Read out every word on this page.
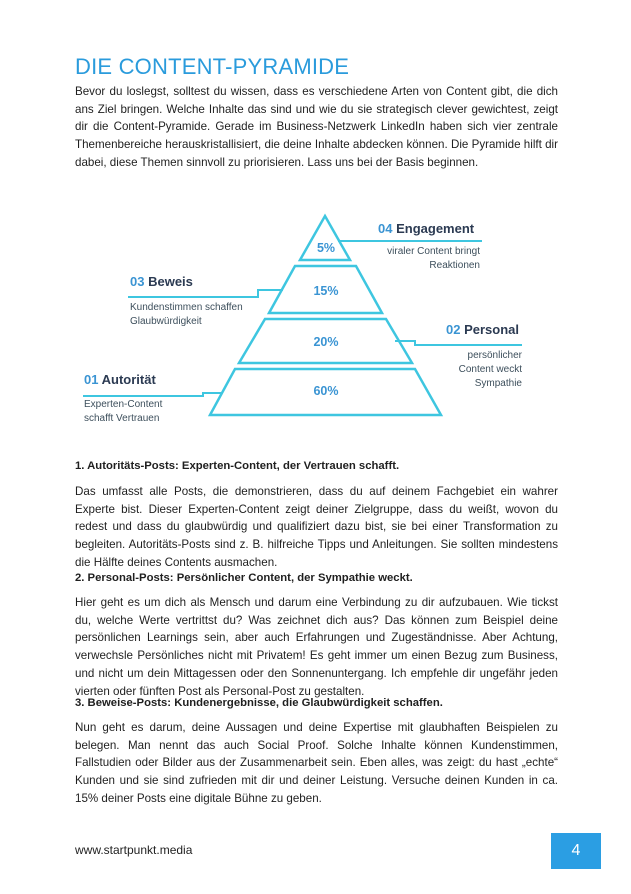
DIE CONTENT-PYRAMIDE
Bevor du loslegst, solltest du wissen, dass es verschiedene Arten von Content gibt, die dich ans Ziel bringen. Welche Inhalte das sind und wie du sie strategisch clever gewichtest, zeigt dir die Content-Pyramide. Gerade im Business-Netzwerk LinkedIn haben sich vier zentrale Themenbereiche herauskristallisiert, die deine Inhalte abdecken können. Die Pyramide hilft dir dabei, diese Themen sinnvoll zu priorisieren. Lass uns bei der Basis beginnen.
5%
15%
20%
60%
04 Engagement
viraler Content bringt
Reaktionen
03 Beweis
Kundenstimmen schaffen
Glaubwürdigkeit
02 Personal
persönlicher
Content weckt
Sympathie
01 Autorität
Experten-Content
schafft Vertrauen
1. Autoritäts-Posts: Experten-Content, der Vertrauen schafft.
Das umfasst alle Posts, die demonstrieren, dass du auf deinem Fachgebiet ein wahrer Experte bist. Dieser Experten-Content zeigt deiner Zielgruppe, dass du weißt, wovon du redest und dass du glaubwürdig und qualifiziert dazu bist, sie bei einer Transformation zu begleiten. Autoritäts-Posts sind z. B. hilfreiche Tipps und Anleitungen. Sie sollten mindestens die Hälfte deines Contents ausmachen.
2. Personal-Posts: Persönlicher Content, der Sympathie weckt.
Hier geht es um dich als Mensch und darum eine Verbindung zu dir aufzubauen. Wie tickst du, welche Werte vertrittst du? Was zeichnet dich aus? Das können zum Beispiel deine persönlichen Learnings sein, aber auch Erfahrungen und Zugeständnisse. Aber Achtung, verwechsle Persönliches nicht mit Privatem! Es geht immer um einen Bezug zum Business, und nicht um dein Mittagessen oder den Sonnenuntergang. Ich empfehle dir ungefähr jeden vierten oder fünften Post als Personal-Post zu gestalten.
3. Beweise-Posts: Kundenergebnisse, die Glaubwürdigkeit schaffen.
Nun geht es darum, deine Aussagen und deine Expertise mit glaubhaften Beispielen zu belegen. Man nennt das auch Social Proof. Solche Inhalte können Kundenstimmen, Fallstudien oder Bilder aus der Zusammenarbeit sein. Eben alles, was zeigt: du hast „echte“ Kunden und sie sind zufrieden mit dir und deiner Leistung. Versuche deinen Kunden in ca. 15% deiner Posts eine digitale Bühne zu geben.
www.startpunkt.media	4
